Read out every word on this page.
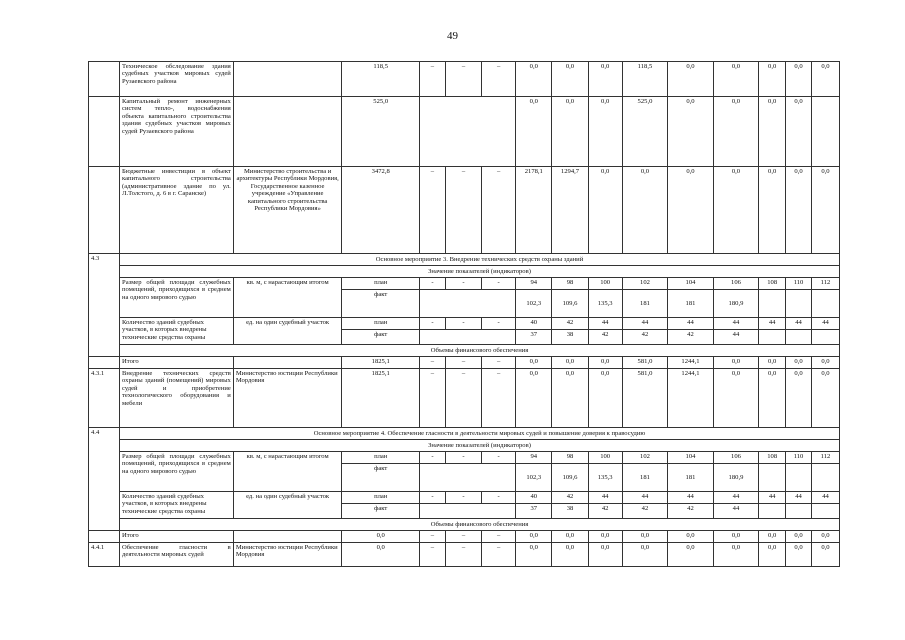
49
	Техническое обследование здания судебных участков мировых судей Рузаевского района		118,5	–	–	–	0,0	0,0	0,0	118,5	0,0	0,0	0,0	0,0	0,0
	Капитальный ремонт инженерных систем тепло-, водоснабжения объекта капитального строительства здания судебных участков мировых судей Рузаевского района		525,0				0,0	0,0	0,0	525,0	0,0	0,0	0,0	0,0	
	Бюджетные инвестиции в объект капитального строительства (административное здание по ул. Л.Толстого, д. 6 в г. Саранске)	Министерство строительства и архитектуры Республики Мордовия, Государственное казенное учреждение «Управление капитального строительства Республики Мордовия»	3472,8	–	–	–	2178,1	1294,7	0,0	0,0	0,0	0,0	0,0	0,0	0,0
4.3	Основное мероприятие 3. Внедрение технических средств охраны зданий														
	Значение показателей (индикаторов)														
	Размер общей площади служебных помещений, приходящихся в среднем на одного мирового судью	кв. м, с нарастающим итогом	план	-	-	-	94	98	100	102	104	106	108	110	112
			факт				102,3	109,6	135,3	181	181	180,9			
	Количество зданий судебных участков, в которых внедрены технические средства охраны	ед. на один судебный участок	план	-	-	-	40	42	44	44	44	44	44	44	44
			факт				37	38	42	42	42	44			
	Объемы финансового обеспечения														
	Итого		1825,1	–	–	–	0,0	0,0	0,0	581,0	1244,1	0,0	0,0	0,0	0,0
4.3.1	Внедрение технических средств охраны зданий (помещений) мировых судей и приобретение технологического оборудования и мебели	Министерство юстиции Республики Мордовия	1825,1	–	–	–	0,0	0,0	0,0	581,0	1244,1	0,0	0,0	0,0	0,0
4.4	Основное мероприятие 4. Обеспечение гласности в деятельности мировых судей и повышение доверия к правосудию														
	Значение показателей (индикаторов)														
	Размер общей площади служебных помещений, приходящихся в среднем на одного мирового судью	кв. м, с нарастающим итогом	план	-	-	-	94	98	100	102	104	106	108	110	112
			факт				102,3	109,6	135,3	181	181	180,9			
	Количество зданий судебных участков, в которых внедрены технические средства охраны	ед. на один судебный участок	план	-	-	-	40	42	44	44	44	44	44	44	44
			факт				37	38	42	42	42	44			
	Объемы финансового обеспечения														
	Итого		0,0	–	–	–	0,0	0,0	0,0	0,0	0,0	0,0	0,0	0,0	0,0
4.4.1	Обеспечение гласности в деятельности мировых судей	Министерство юстиции Республики Мордовия	0,0	–	–	–	0,0	0,0	0,0	0,0	0,0	0,0	0,0	0,0	0,0
